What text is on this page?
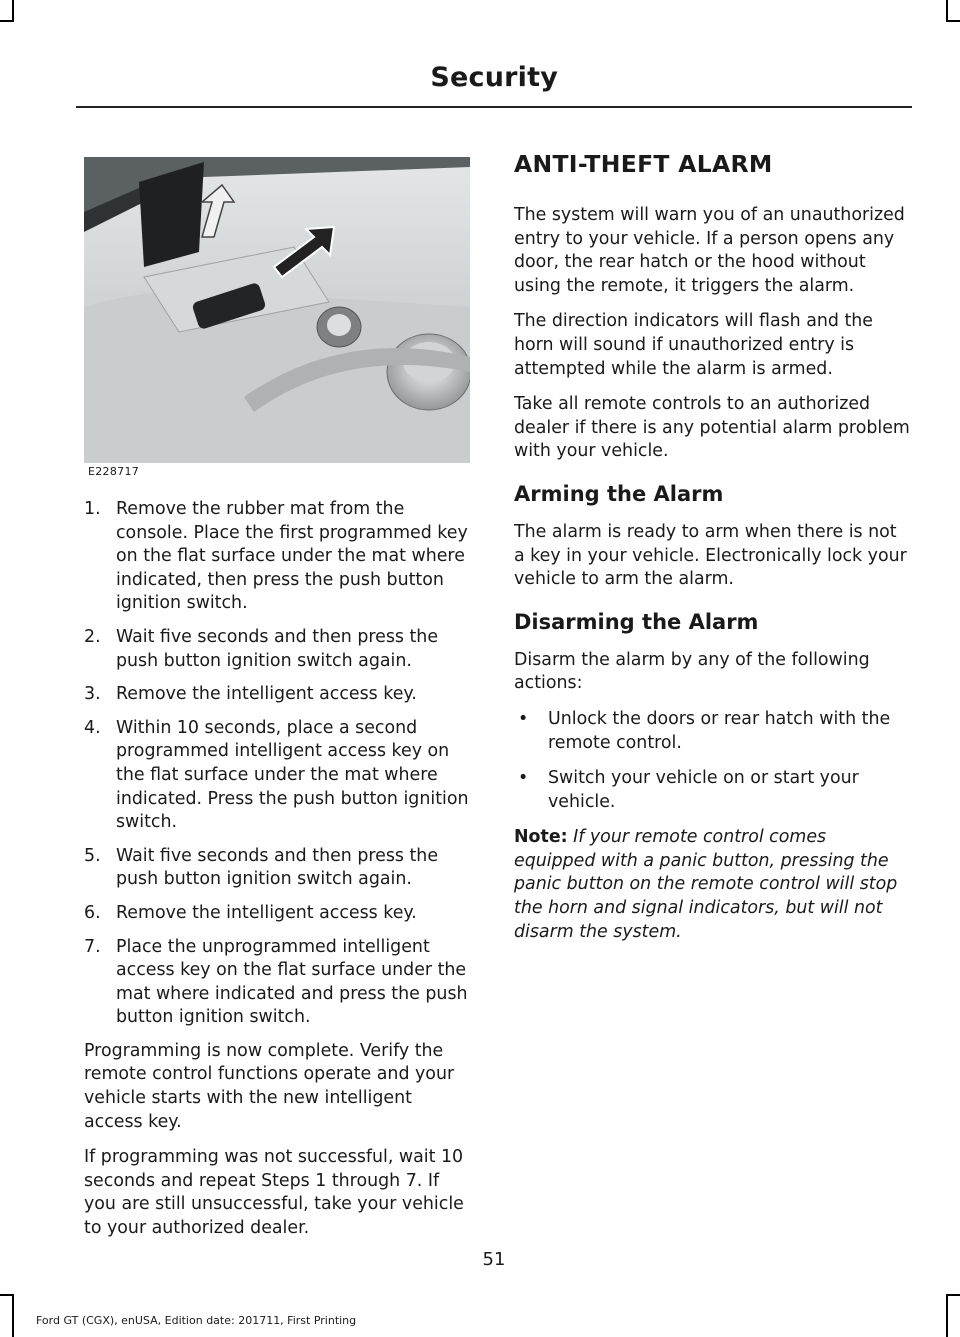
Security
E228717
1. Remove the rubber mat from the console. Place the first programmed key on the flat surface under the mat where indicated, then press the push button ignition switch.
2. Wait five seconds and then press the push button ignition switch again.
3. Remove the intelligent access key.
4. Within 10 seconds, place a second programmed intelligent access key on the flat surface under the mat where indicated. Press the push button ignition switch.
5. Wait five seconds and then press the push button ignition switch again.
6. Remove the intelligent access key.
7. Place the unprogrammed intelligent access key on the flat surface under the mat where indicated and press the push button ignition switch.

Programming is now complete. Verify the remote control functions operate and your vehicle starts with the new intelligent access key.

If programming was not successful, wait 10 seconds and repeat Steps 1 through 7. If you are still unsuccessful, take your vehicle to your authorized dealer.

ANTI-THEFT ALARM

The system will warn you of an unauthorized entry to your vehicle. If a person opens any door, the rear hatch or the hood without using the remote, it triggers the alarm.

The direction indicators will flash and the horn will sound if unauthorized entry is attempted while the alarm is armed.

Take all remote controls to an authorized dealer if there is any potential alarm problem with your vehicle.

Arming the Alarm

The alarm is ready to arm when there is not a key in your vehicle. Electronically lock your vehicle to arm the alarm.

Disarming the Alarm

Disarm the alarm by any of the following actions:

• Unlock the doors or rear hatch with the remote control.
• Switch your vehicle on or start your vehicle.

Note: If your remote control comes equipped with a panic button, pressing the panic button on the remote control will stop the horn and signal indicators, but will not disarm the system.

51
Ford GT (CGX), enUSA, Edition date: 201711, First Printing
